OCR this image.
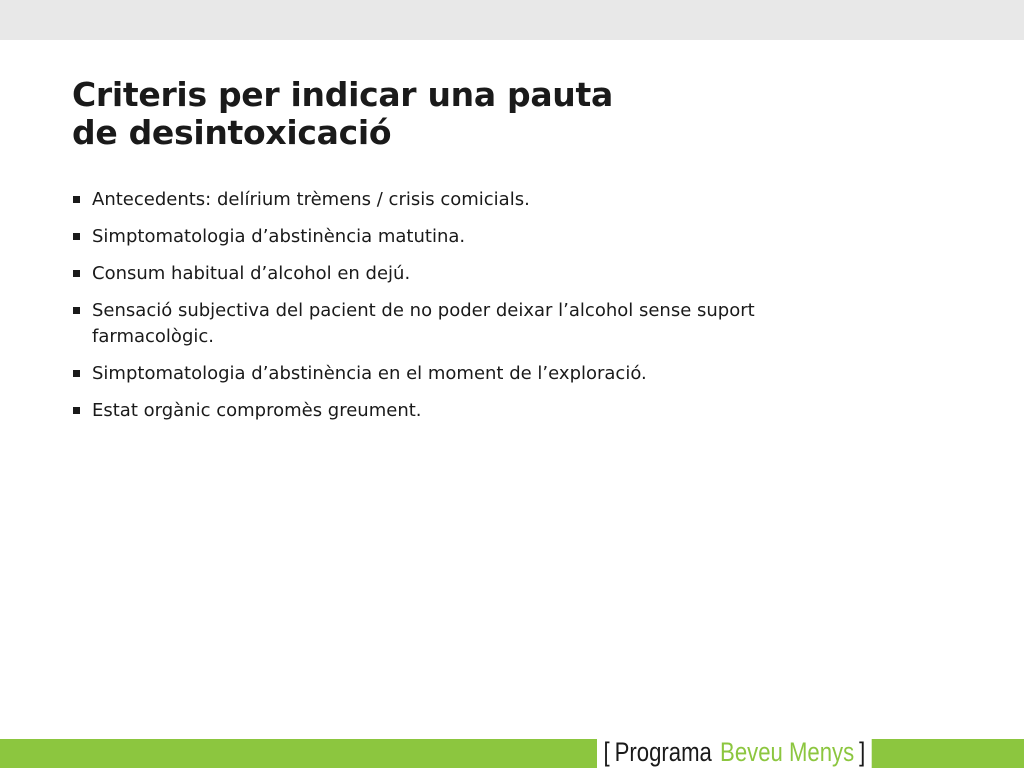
Criteris per indicar una pauta
de desintoxicació
Antecedents: delírium trèmens / crisis comicials.
Simptomatologia d’abstinència matutina.
Consum habitual d’alcohol en dejú.
Sensació subjectiva del pacient de no poder deixar l’alcohol sense suport farmacològic.
Simptomatologia d’abstinència en el moment de l’exploració.
Estat orgànic compromès greument.
[ Programa Beveu Menys ]
